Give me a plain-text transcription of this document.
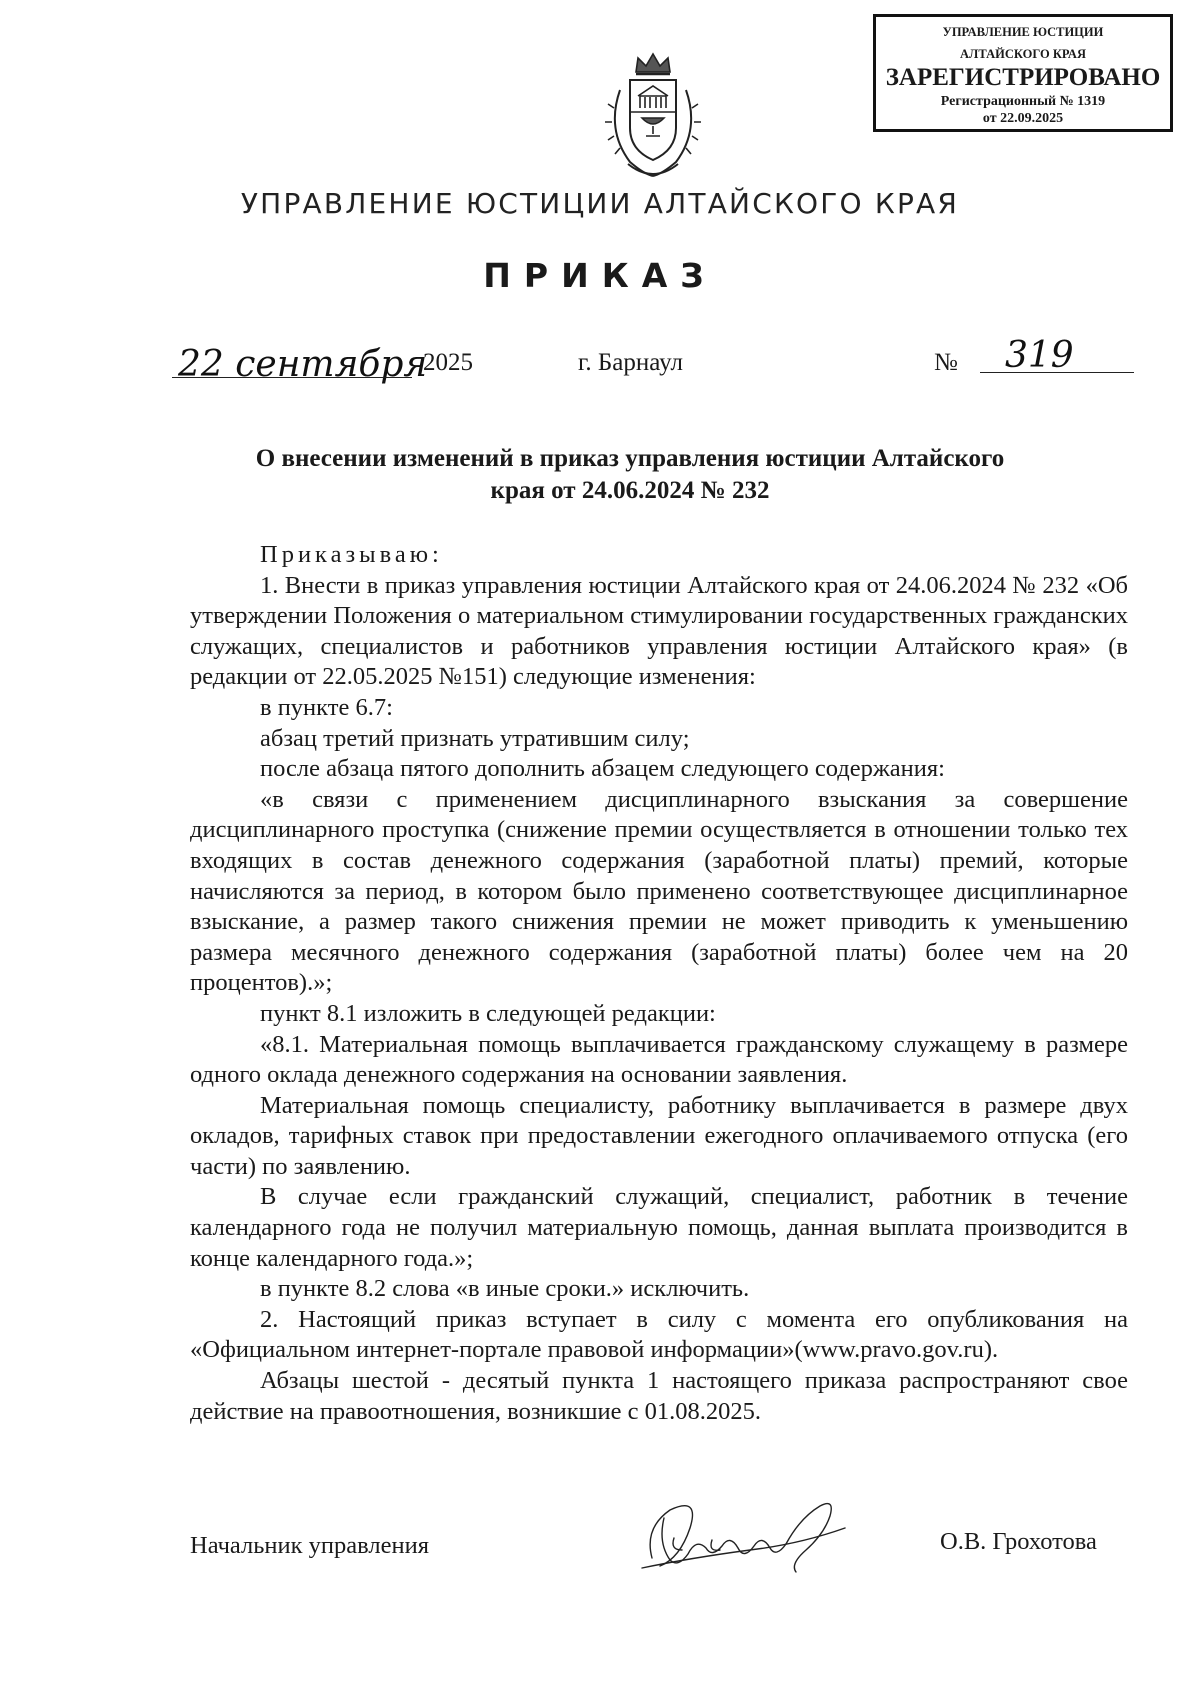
УПРАВЛЕНИЕ ЮСТИЦИИ
АЛТАЙСКОГО КРАЯ
ЗАРЕГИСТРИРОВАНО
Регистрационный № 1319
от 22.09.2025
УПРАВЛЕНИЕ ЮСТИЦИИ АЛТАЙСКОГО КРАЯ
ПРИКАЗ
22 сентября
2025	г. Барнаул	№ 319
О внесении изменений в приказ управления юстиции Алтайского
края от 24.06.2024 № 232

Приказываю:

1. Внести в приказ управления юстиции Алтайского края от 24.06.2024 № 232 «Об утверждении Положения о материальном стимулировании государственных гражданских служащих, специалистов и работников управления юстиции Алтайского края» (в редакции от 22.05.2025 №151) следующие изменения:

в пункте 6.7:

абзац третий признать утратившим силу;

после абзаца пятого дополнить абзацем следующего содержания:

«в связи с применением дисциплинарного взыскания за совершение дисциплинарного проступка (снижение премии осуществляется в отношении только тех входящих в состав денежного содержания (заработной платы) премий, которые начисляются за период, в котором было применено соответствующее дисциплинарное взыскание, а размер такого снижения премии не может приводить к уменьшению размера месячного денежного содержания (заработной платы) более чем на 20 процентов).»;

пункт 8.1 изложить в следующей редакции:

«8.1. Материальная помощь выплачивается гражданскому служащему в размере одного оклада денежного содержания на основании заявления.

Материальная помощь специалисту, работнику выплачивается в размере двух окладов, тарифных ставок при предоставлении ежегодного оплачиваемого отпуска (его части) по заявлению.

В случае если гражданский служащий, специалист, работник в течение календарного года не получил материальную помощь, данная выплата производится в конце календарного года.»;

в пункте 8.2 слова «в иные сроки.» исключить.

2. Настоящий приказ вступает в силу с момента его опубликования на «Официальном интернет-портале правовой информации»(www.pravo.gov.ru).

Абзацы шестой - десятый пункта 1 настоящего приказа распространяют свое действие на правоотношения, возникшие с 01.08.2025.

Начальник управления	О.В. Грохотова
